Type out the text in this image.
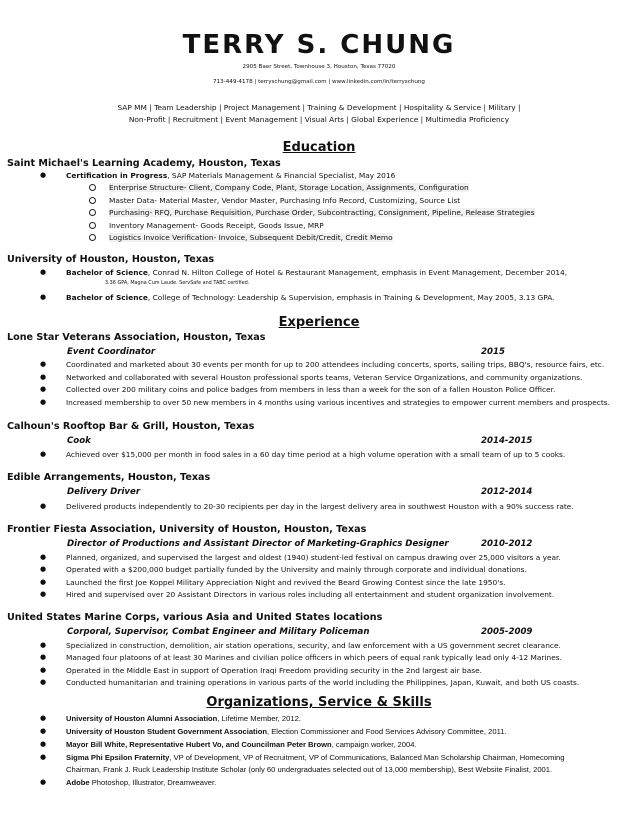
TERRY S. CHUNG
2905 Baer Street, Townhouse 3, Houston, Texas 77020
713-449-4178 | terryschung@gmail.com | www.linkedin.com/in/terryschung
SAP MM | Team Leadership | Project Management | Training & Development | Hospitality & Service | Military |
Non-Profit | Recruitment | Event Management | Visual Arts | Global Experience | Multimedia Proficiency
Education
Saint Michael's Learning Academy, Houston, Texas
●	Certification in Progress, SAP Materials Management & Financial Specialist, May 2016
Enterprise Structure- Client, Company Code, Plant, Storage Location, Assignments, Configuration
Master Data- Material Master, Vendor Master, Purchasing Info Record, Customizing, Source List
Purchasing- RFQ, Purchase Requisition, Purchase Order, Subcontracting, Consignment, Pipeline, Release Strategies
Inventory Management- Goods Receipt, Goods Issue, MRP
Logistics Invoice Verification- Invoice, Subsequent Debit/Credit, Credit Memo
University of Houston, Houston, Texas
●	Bachelor of Science, Conrad N. Hilton College of Hotel & Restaurant Management, emphasis in Event Management, December 2014,
3.36 GPA, Magna Cum Laude. ServSafe and TABC certified.
●	Bachelor of Science, College of Technology: Leadership & Supervision, emphasis in Training & Development, May 2005, 3.13 GPA.
Experience
Lone Star Veterans Association, Houston, Texas
Event Coordinator	2015
●	Coordinated and marketed about 30 events per month for up to 200 attendees including concerts, sports, sailing trips, BBQ's, resource fairs, etc.
●	Networked and collaborated with several Houston professional sports teams, Veteran Service Organizations, and community organizations.
●	Collected over 200 military coins and police badges from members in less than a week for the son of a fallen Houston Police Officer.
●	Increased membership to over 50 new members in 4 months using various incentives and strategies to empower current members and prospects.
Calhoun's Rooftop Bar & Grill, Houston, Texas
Cook	2014-2015
●	Achieved over $15,000 per month in food sales in a 60 day time period at a high volume operation with a small team of up to 5 cooks.
Edible Arrangements, Houston, Texas
Delivery Driver	2012-2014
●	Delivered products independently to 20-30 recipients per day in the largest delivery area in southwest Houston with a 90% success rate.
Frontier Fiesta Association, University of Houston, Houston, Texas
Director of Productions and Assistant Director of Marketing-Graphics Designer	2010-2012
●	Planned, organized, and supervised the largest and oldest (1940) student-led festival on campus drawing over 25,000 visitors a year.
●	Operated with a $200,000 budget partially funded by the University and mainly through corporate and individual donations.
●	Launched the first Joe Koppel Military Appreciation Night and revived the Beard Growing Contest since the late 1950's.
●	Hired and supervised over 20 Assistant Directors in various roles including all entertainment and student organization involvement.
United States Marine Corps, various Asia and United States locations
Corporal, Supervisor, Combat Engineer and Military Policeman	2005-2009
●	Specialized in construction, demolition, air station operations, security, and law enforcement with a US government secret clearance.
●	Managed four platoons of at least 30 Marines and civilian police officers in which peers of equal rank typically lead only 4-12 Marines.
●	Operated in the Middle East in support of Operation Iraqi Freedom providing security in the 2nd largest air base.
●	Conducted humanitarian and training operations in various parts of the world including the Philippines, Japan, Kuwait, and both US coasts.
Organizations, Service & Skills
●	University of Houston Alumni Association, Lifetime Member, 2012.
●	University of Houston Student Government Association, Election Commissioner and Food Services Advisory Committee, 2011.
●	Mayor Bill White, Representative Hubert Vo, and Councilman Peter Brown, campaign worker, 2004.
●	Sigma Phi Epsilon Fraternity, VP of Development, VP of Recruitment, VP of Communications, Balanced Man Scholarship Chairman, Homecoming
Chairman, Frank J. Ruck Leadership Institute Scholar (only 60 undergraduates selected out of 13,000 membership), Best Website Finalist, 2001.
●	Adobe Photoshop, Illustrator, Dreamweaver.
